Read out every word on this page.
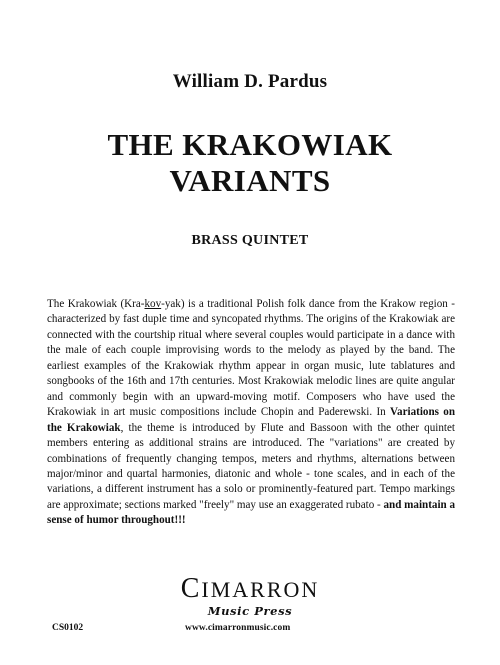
William D. Pardus
THE KRAKOWIAK
VARIANTS
BRASS QUINTET
The Krakowiak (Kra-kov-yak) is a traditional Polish folk dance from the Krakow region - characterized by fast duple time and syncopated rhythms. The origins of the Krakowiak are connected with the courtship ritual where several couples would participate in a dance with the male of each couple improvising words to the melody as played by the band. The earliest examples of the Krakowiak rhythm appear in organ music, lute tablatures and songbooks of the 16th and 17th centuries. Most Krakowiak melodic lines are quite angular and commonly begin with an upward-moving motif. Composers who have used the Krakowiak in art music compositions include Chopin and Paderewski. In Variations on the Krakowiak, the theme is introduced by Flute and Bassoon with the other quintet members entering as additional strains are introduced. The "variations" are created by combinations of frequently changing tempos, meters and rhythms, alternations between major/minor and quartal harmonies, diatonic and whole - tone scales, and in each of the variations, a different instrument has a solo or prominently-featured part. Tempo markings are approximate; sections marked "freely" may use an exaggerated rubato - and maintain a sense of humor throughout!!!
CIMARRON
Music Press
CS0102	www.cimarronmusic.com
